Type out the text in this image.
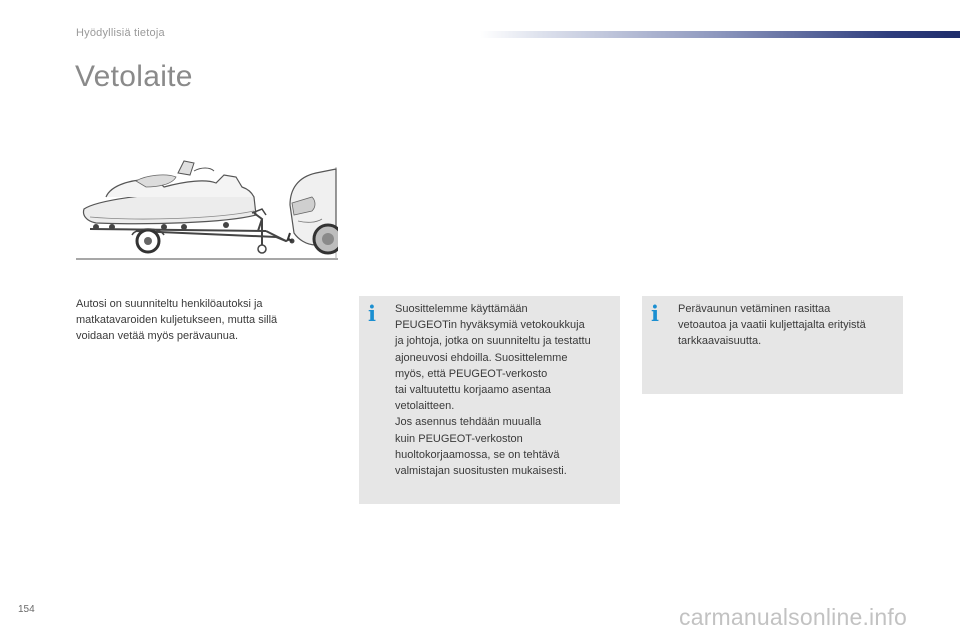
Hyödyllisiä tietoja
Vetolaite

Autosi on suunniteltu henkilöautoksi ja
matkatavaroiden kuljetukseen, mutta sillä
voidaan vetää myös perävaunua.

i Suosittelemme käyttämään
PEUGEOTin hyväksymiä vetokoukkuja
ja johtoja, jotka on suunniteltu ja testattu
ajoneuvosi ehdoilla. Suosittelemme
myös, että PEUGEOT-verkosto
tai valtuutettu korjaamo asentaa
vetolaitteen.
Jos asennus tehdään muualla
kuin PEUGEOT-verkoston
huoltokorjaamossa, se on tehtävä
valmistajan suositusten mukaisesti.

i Perävaunun vetäminen rasittaa
vetoautoa ja vaatii kuljettajalta erityistä
tarkkaavaisuutta.

154	carmanualsonline.info
